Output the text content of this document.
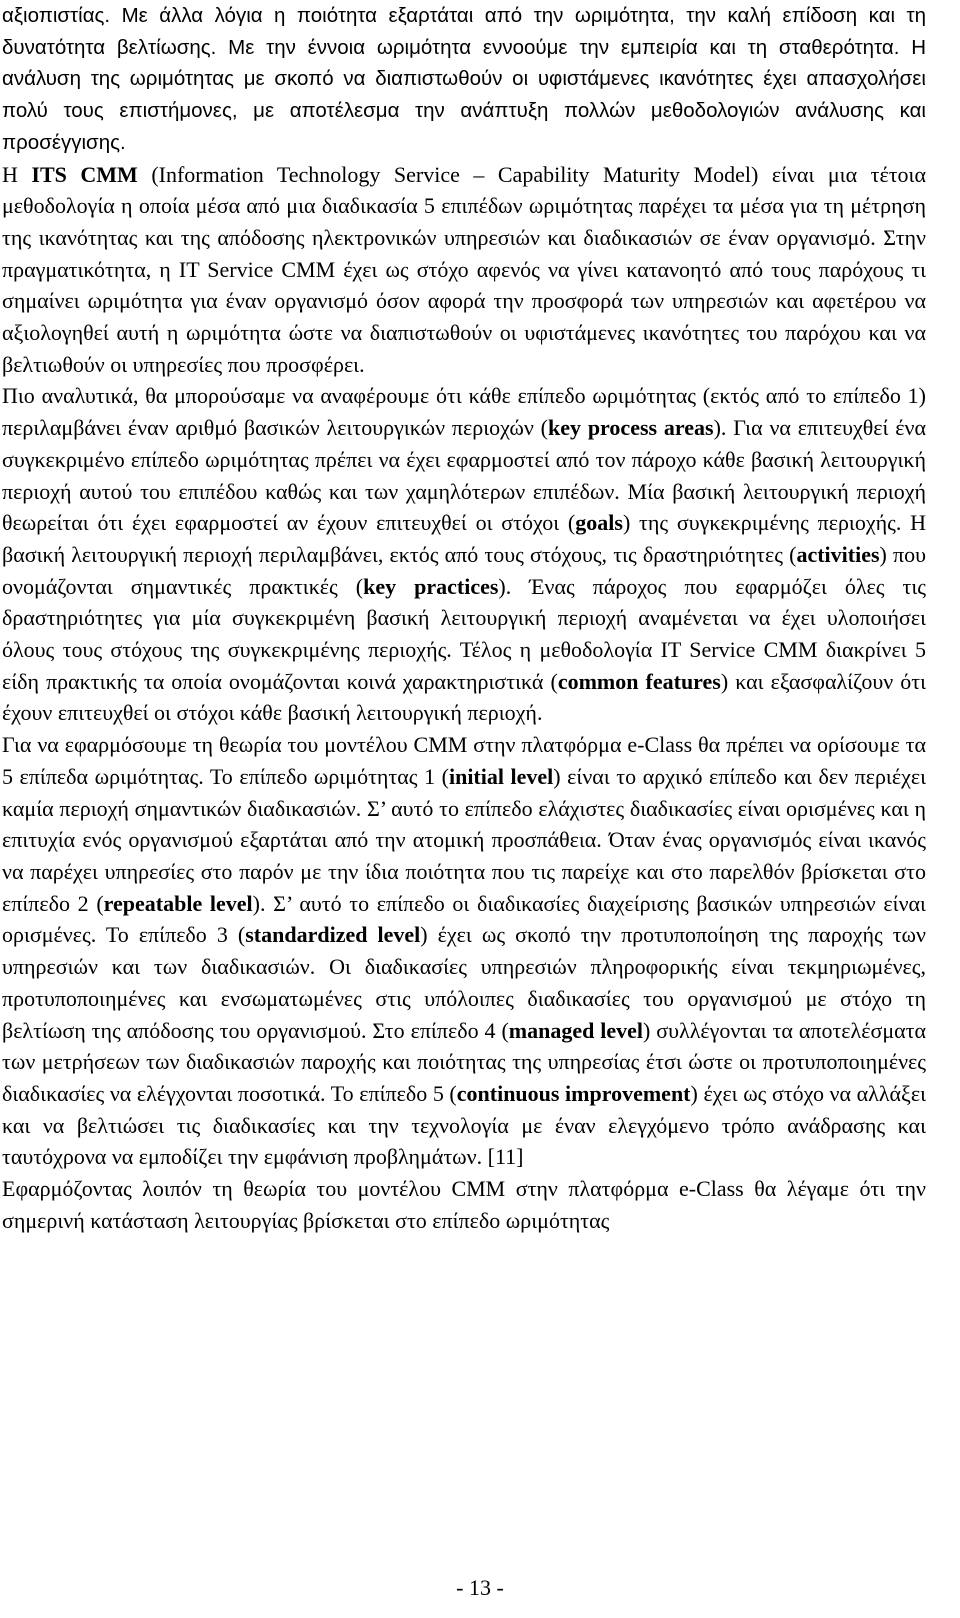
αξιοπιστίας. Με άλλα λόγια η ποιότητα εξαρτάται από την ωριμότητα, την καλή επίδοση και τη δυνατότητα βελτίωσης. Με την έννοια ωριμότητα εννοούμε την εμπειρία και τη σταθερότητα. Η ανάλυση της ωριμότητας με σκοπό να διαπιστωθούν οι υφιστάμενες ικανότητες έχει απασχολήσει πολύ τους επιστήμονες, με αποτέλεσμα την ανάπτυξη πολλών μεθοδολογιών ανάλυσης και προσέγγισης.

Η ITS CMM (Information Technology Service – Capability Maturity Model) είναι μια τέτοια μεθοδολογία η οποία μέσα από μια διαδικασία 5 επιπέδων ωριμότητας παρέχει τα μέσα για τη μέτρηση της ικανότητας και της απόδοσης ηλεκτρονικών υπηρεσιών και διαδικασιών σε έναν οργανισμό. Στην πραγματικότητα, η IT Service CMM έχει ως στόχο αφενός να γίνει κατανοητό από τους παρόχους τι σημαίνει ωριμότητα για έναν οργανισμό όσον αφορά την προσφορά των υπηρεσιών και αφετέρου να αξιολογηθεί αυτή η ωριμότητα ώστε να διαπιστωθούν οι υφιστάμενες ικανότητες του παρόχου και να βελτιωθούν οι υπηρεσίες που προσφέρει.

Πιο αναλυτικά, θα μπορούσαμε να αναφέρουμε ότι κάθε επίπεδο ωριμότητας (εκτός από το επίπεδο 1) περιλαμβάνει έναν αριθμό βασικών λειτουργικών περιοχών (key process areas). Για να επιτευχθεί ένα συγκεκριμένο επίπεδο ωριμότητας πρέπει να έχει εφαρμοστεί από τον πάροχο κάθε βασική λειτουργική περιοχή αυτού του επιπέδου καθώς και των χαμηλότερων επιπέδων. Μία βασική λειτουργική περιοχή θεωρείται ότι έχει εφαρμοστεί αν έχουν επιτευχθεί οι στόχοι (goals) της συγκεκριμένης περιοχής. Η βασική λειτουργική περιοχή περιλαμβάνει, εκτός από τους στόχους, τις δραστηριότητες (activities) που ονομάζονται σημαντικές πρακτικές (key practices). Ένας πάροχος που εφαρμόζει όλες τις δραστηριότητες για μία συγκεκριμένη βασική λειτουργική περιοχή αναμένεται να έχει υλοποιήσει όλους τους στόχους της συγκεκριμένης περιοχής. Τέλος η μεθοδολογία IT Service CMM διακρίνει 5 είδη πρακτικής τα οποία ονομάζονται κοινά χαρακτηριστικά (common features) και εξασφαλίζουν ότι έχουν επιτευχθεί οι στόχοι κάθε βασική λειτουργική περιοχή.

Για να εφαρμόσουμε τη θεωρία του μοντέλου CMM στην πλατφόρμα e-Class θα πρέπει να ορίσουμε τα 5 επίπεδα ωριμότητας. Το επίπεδο ωριμότητας 1 (initial level) είναι το αρχικό επίπεδο και δεν περιέχει καμία περιοχή σημαντικών διαδικασιών. Σ’ αυτό το επίπεδο ελάχιστες διαδικασίες είναι ορισμένες και η επιτυχία ενός οργανισμού εξαρτάται από την ατομική προσπάθεια. Όταν ένας οργανισμός είναι ικανός να παρέχει υπηρεσίες στο παρόν με την ίδια ποιότητα που τις παρείχε και στο παρελθόν βρίσκεται στο επίπεδο 2 (repeatable level). Σ’ αυτό το επίπεδο οι διαδικασίες διαχείρισης βασικών υπηρεσιών είναι ορισμένες. Το επίπεδο 3 (standardized level) έχει ως σκοπό την προτυποποίηση της παροχής των υπηρεσιών και των διαδικασιών. Οι διαδικασίες υπηρεσιών πληροφορικής είναι τεκμηριωμένες, προτυποποιημένες και ενσωματωμένες στις υπόλοιπες διαδικασίες του οργανισμού με στόχο τη βελτίωση της απόδοσης του οργανισμού. Στο επίπεδο 4 (managed level) συλλέγονται τα αποτελέσματα των μετρήσεων των διαδικασιών παροχής και ποιότητας της υπηρεσίας έτσι ώστε οι προτυποποιημένες διαδικασίες να ελέγχονται ποσοτικά. Το επίπεδο 5 (continuous improvement) έχει ως στόχο να αλλάξει και να βελτιώσει τις διαδικασίες και την τεχνολογία με έναν ελεγχόμενο τρόπο ανάδρασης και ταυτόχρονα να εμποδίζει την εμφάνιση προβλημάτων. [11]

Εφαρμόζοντας λοιπόν τη θεωρία του μοντέλου CMM στην πλατφόρμα e-Class θα λέγαμε ότι την σημερινή κατάσταση λειτουργίας βρίσκεται στο επίπεδο ωριμότητας

- 13 -
